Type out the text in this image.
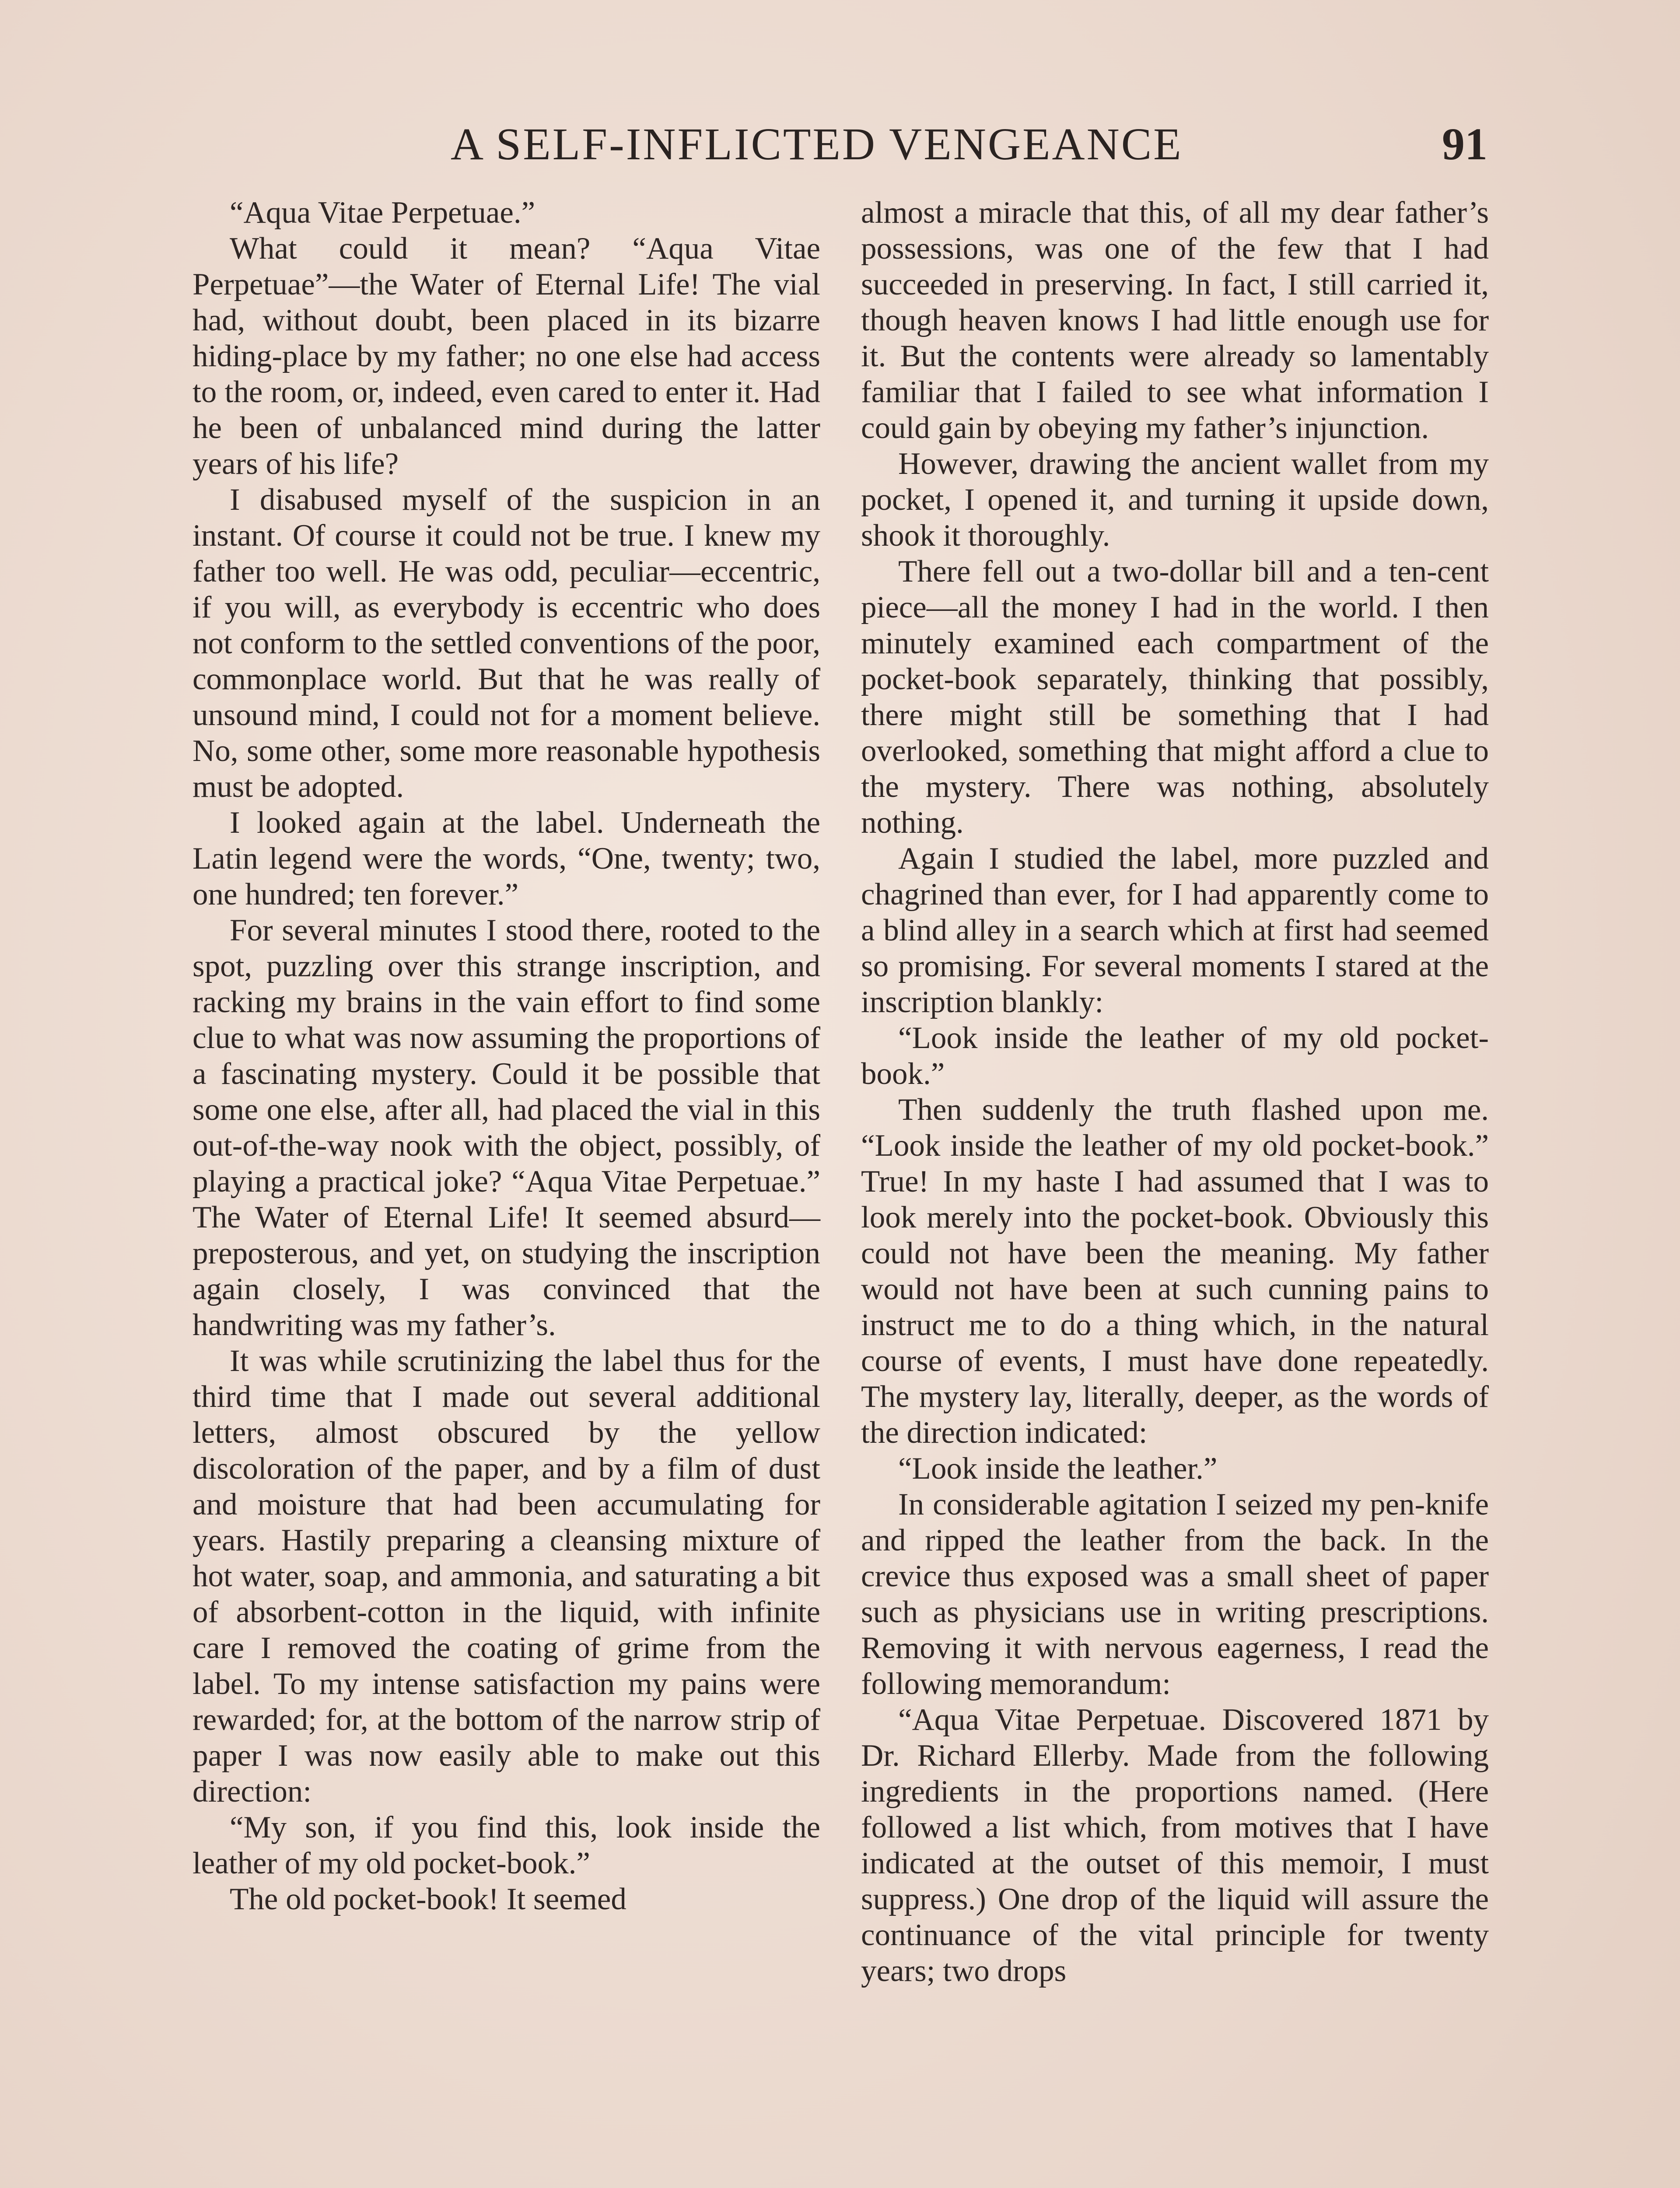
A SELF-INFLICTED VENGEANCE	91

“Aqua Vitae Perpetuae.”

What could it mean? “Aqua Vitae Perpetuae”—the Water of Eternal Life! The vial had, without doubt, been placed in its bizarre hiding-place by my father; no one else had access to the room, or, indeed, even cared to enter it. Had he been of unbalanced mind during the latter years of his life?

I disabused myself of the suspicion in an instant. Of course it could not be true. I knew my father too well. He was odd, peculiar—eccentric, if you will, as everybody is eccentric who does not conform to the settled conventions of the poor, commonplace world. But that he was really of unsound mind, I could not for a moment believe. No, some other, some more reasonable hypothesis must be adopted.

I looked again at the label. Underneath the Latin legend were the words, “One, twenty; two, one hundred; ten forever.”

For several minutes I stood there, rooted to the spot, puzzling over this strange inscription, and racking my brains in the vain effort to find some clue to what was now assuming the proportions of a fascinating mystery. Could it be possible that some one else, after all, had placed the vial in this out-of-the-way nook with the object, possibly, of playing a practical joke? “Aqua Vitae Perpetuae.” The Water of Eternal Life! It seemed absurd—preposterous, and yet, on studying the inscription again closely, I was convinced that the handwriting was my father’s.

It was while scrutinizing the label thus for the third time that I made out several additional letters, almost obscured by the yellow discoloration of the paper, and by a film of dust and moisture that had been accumulating for years. Hastily preparing a cleansing mixture of hot water, soap, and ammonia, and saturating a bit of absorbent-cotton in the liquid, with infinite care I removed the coating of grime from the label. To my intense satisfaction my pains were rewarded; for, at the bottom of the narrow strip of paper I was now easily able to make out this direction:

“My son, if you find this, look inside the leather of my old pocket-book.”

The old pocket-book! It seemed

almost a miracle that this, of all my dear father’s possessions, was one of the few that I had succeeded in preserving. In fact, I still carried it, though heaven knows I had little enough use for it. But the contents were already so lamentably familiar that I failed to see what information I could gain by obeying my father’s injunction.

However, drawing the ancient wallet from my pocket, I opened it, and turning it upside down, shook it thoroughly.

There fell out a two-dollar bill and a ten-cent piece—all the money I had in the world. I then minutely examined each compartment of the pocket-book separately, thinking that possibly, there might still be something that I had overlooked, something that might afford a clue to the mystery. There was nothing, absolutely nothing.

Again I studied the label, more puzzled and chagrined than ever, for I had apparently come to a blind alley in a search which at first had seemed so promising. For several moments I stared at the inscription blankly:

“Look inside the leather of my old pocket-book.”

Then suddenly the truth flashed upon me. “Look inside the leather of my old pocket-book.” True! In my haste I had assumed that I was to look merely into the pocket-book. Obviously this could not have been the meaning. My father would not have been at such cunning pains to instruct me to do a thing which, in the natural course of events, I must have done repeatedly. The mystery lay, literally, deeper, as the words of the direction indicated:

“Look inside the leather.”

In considerable agitation I seized my pen-knife and ripped the leather from the back. In the crevice thus exposed was a small sheet of paper such as physicians use in writing prescriptions. Removing it with nervous eagerness, I read the following memorandum:

“Aqua Vitae Perpetuae. Discovered 1871 by Dr. Richard Ellerby. Made from the following ingredients in the proportions named. (Here followed a list which, from motives that I have indicated at the outset of this memoir, I must suppress.) One drop of the liquid will assure the continuance of the vital principle for twenty years; two drops
